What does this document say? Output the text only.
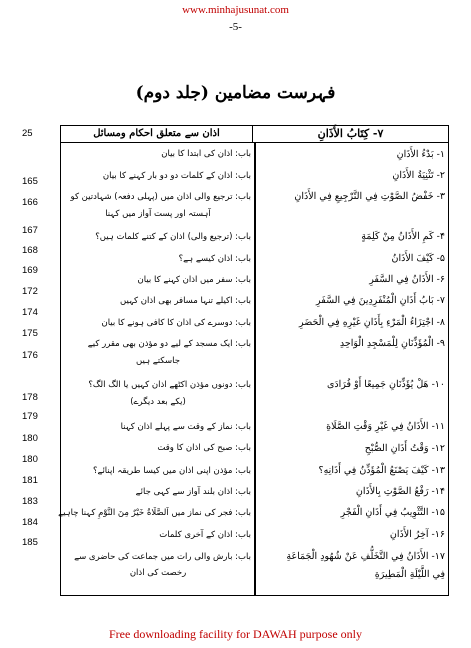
www.minhajusunat.com
-5-
فہرست مضامین (جلد دوم)
25
165
166
167
168
169
172
174
175
176
178
179
180
180
181
183
184
185
۷- كِتَابُ الأَذَانِ
اذان سے متعلق احکام ومسائل
۱- بَدْءُ الأَذَانِ
باب: اذان کی ابتدا کا بیان
۲- تَثْنِيَةُ الأَذَانِ
باب: اذان کے کلمات دو دو بار کہنے کا بیان
۳- خَفْضُ الصَّوْتِ فِي التَّرْجِيعِ فِي الأَذَانِ
باب: ترجیع والی اذان میں (پہلی دفعہ) شہادتین کو
آہستہ اور پست آواز میں کہنا
۴- كَمِ الأَذَانُ مِنْ كَلِمَةٍ
باب: (ترجیع والی) اذان کے کتنے کلمات ہیں؟
۵- كَيْفَ الأَذَانُ
باب: اذان کیسے ہے؟
۶- الأَذَانُ فِي السَّفَرِ
باب: سفر میں اذان کہنے کا بیان
۷- بَابُ أَذَانِ الْمُنْفَرِدِينَ فِي السَّفَرِ
باب: اکیلے تنہا مسافر بھی اذان کہیں
۸- اجْتِزَاءُ الْمَرْءِ بِأَذَانِ غَيْرِهِ فِي الْحَضَرِ
باب: دوسرے کی اذان کا کافی ہونے کا بیان
۹- الْمُؤَذِّنَانِ لِلْمَسْجِدِ الْوَاحِدِ
باب: ایک مسجد کے لیے دو مؤذن بھی مقرر کیے
جاسکتے ہیں
۱۰- هَلْ يُؤَذِّنَانِ جَمِيعًا أَوْ فُرَادَى
باب: دونوں مؤذن اکٹھے اذان کہیں یا الگ الگ؟
(یکے بعد دیگرے)
۱۱- الأَذَانُ فِي غَيْرِ وَقْتِ الصَّلَاةِ
باب: نماز کے وقت سے پہلے اذان کہنا
۱۲- وَقْتُ أَذَانِ الصُّبْحِ
باب: صبح کی اذان کا وقت
۱۳- كَيْفَ يَصْنَعُ الْمُؤَذِّنُ فِي أَذَانِهِ؟
باب: مؤذن اپنی اذان میں کیسا طریقہ اپنائے؟
۱۴- رَفْعُ الصَّوْتِ بِالأَذَانِ
باب: اذان بلند آواز سے کہی جائے
۱۵- التَّثْوِيبُ فِي أَذَانِ الْفَجْرِ
باب: فجر کی نماز میں اَلصَّلَاةُ خَيْرٌ مِنَ النَّوْمِ کہنا چاہیے
۱۶- آخِرُ الأَذَانِ
باب: اذان کے آخری کلمات
۱۷- الأَذَانُ فِي التَّخَلُّفِ عَنْ شُهُودِ الْجَمَاعَةِ
فِي اللَّيْلَةِ الْمَطِيرَةِ
باب: بارش والی رات میں جماعت کی حاضری سے
رخصت کی اذان
Free downloading facility for DAWAH purpose only
